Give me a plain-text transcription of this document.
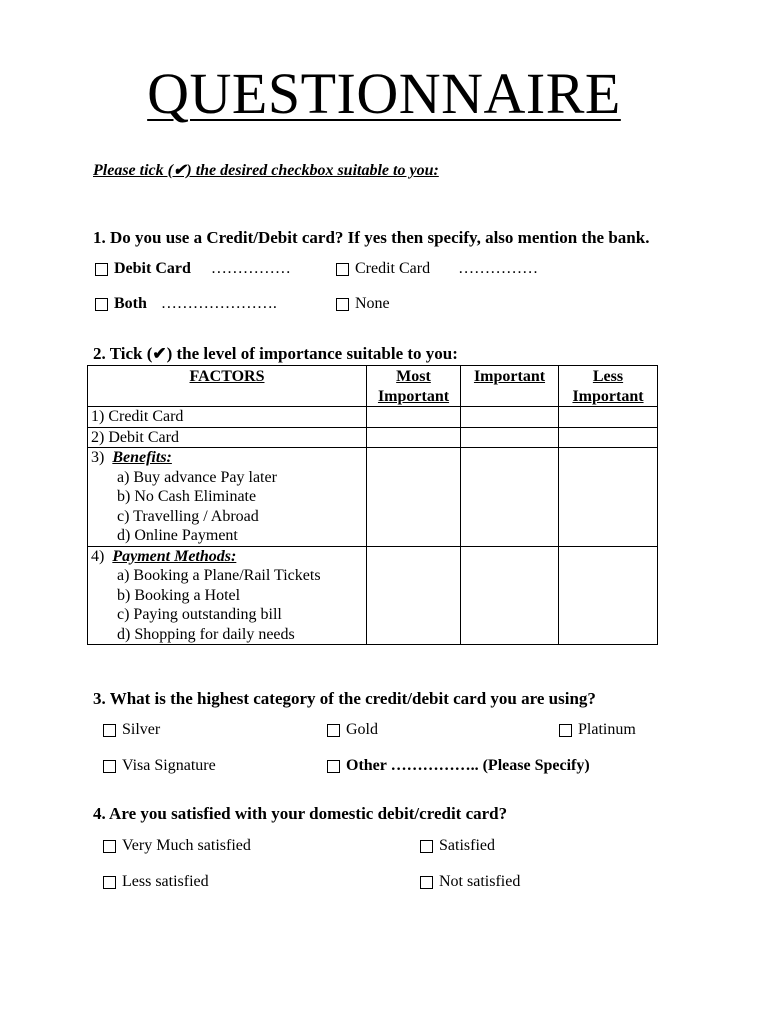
QUESTIONNAIRE
Please tick (✔) the desired checkbox suitable to you:
1. Do you use a Credit/Debit card? If yes then specify, also mention the bank.
Debit Card ……………	Credit Card ……………
Both ………………….	None
2. Tick (✔) the level of importance suitable to you:
FACTORS	Most Important	Important	Less Important
1) Credit Card			
2) Debit Card			

3) Benefits:
a) Buy advance Pay later
b) No Cash Eliminate
c) Travelling / Abroad
d) Online Payment			

4) Payment Methods:
a) Booking a Plane/Rail Tickets
b) Booking a Hotel
c) Paying outstanding bill
d) Shopping for daily needs			

3. What is the highest category of the credit/debit card you are using?
Silver	Gold	Platinum
Visa Signature	Other …………….. (Please Specify)
4. Are you satisfied with your domestic debit/credit card?
Very Much satisfied	Satisfied
Less satisfied	Not satisfied
